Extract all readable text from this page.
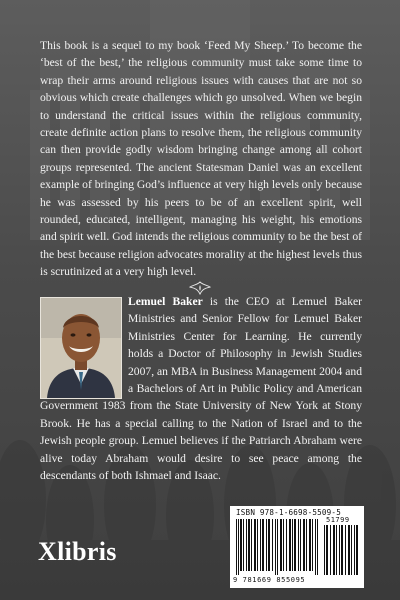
This book is a sequel to my book ‘Feed My Sheep.’ To become the ‘best of the best,’ the religious community must take some time to wrap their arms around religious issues with causes that are not so obvious which create challenges which go unsolved. When we begin to understand the critical issues within the religious community, create definite action plans to resolve them, the religious community can then provide godly wisdom bringing change among all cohort groups represented. The ancient Statesman Daniel was an excellent example of bringing God’s influence at very high levels only because he was assessed by his peers to be of an excellent spirit, well rounded, educated, intelligent, managing his weight, his emotions and spirit well. God intends the religious community to be the best of the best because religion advocates morality at the highest levels thus is scrutinized at a very high level.

Lemuel Baker is the CEO at Lemuel Baker Ministries and Senior Fellow for Lemuel Baker Ministries Center for Learning. He currently holds a Doctor of Philosophy in Jewish Studies 2007, an MBA in Business Management 2004 and a Bachelors of Art in Public Policy and American Government 1983 from the State University of New York at Stony Brook. He has a special calling to the Nation of Israel and to the Jewish people group. Lemuel believes if the Patriarch Abraham were alive today Abraham would desire to see peace among the descendants of both Ishmael and Isaac.

Xlibris
ISBN 978-1-6698-5509-5
51799
9 781669 855095
